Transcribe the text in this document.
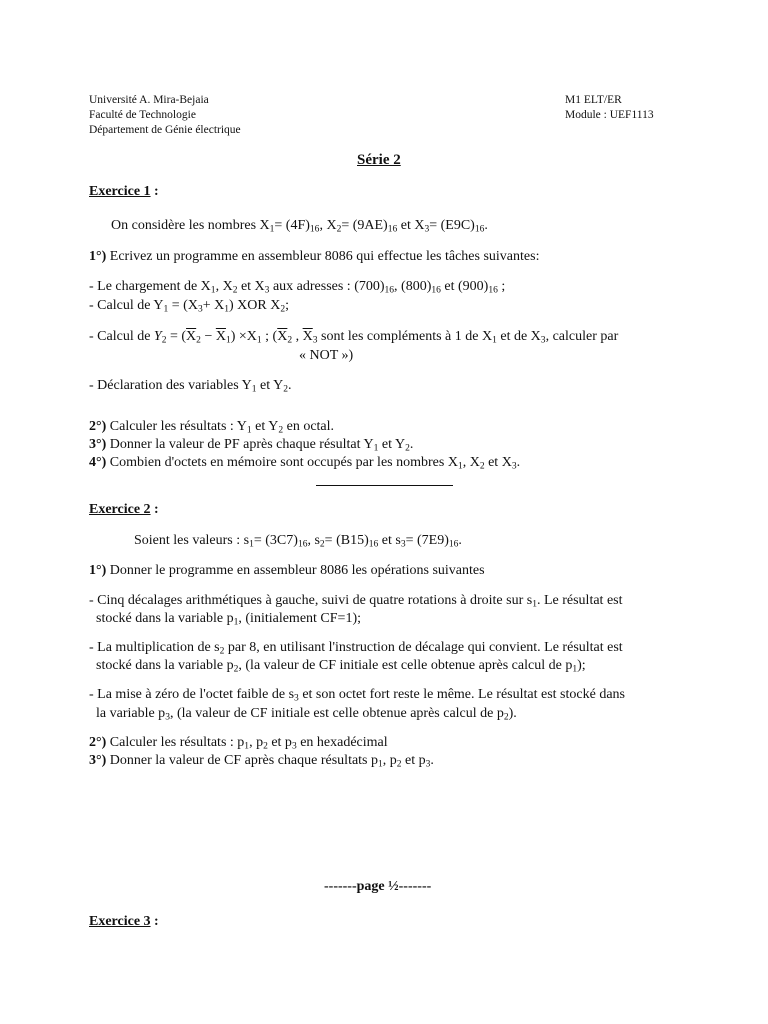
Université A. Mira-Bejaia
Faculté de Technologie
Département de Génie électrique
M1 ELT/ER
Module : UEF1113
Série 2
Exercice 1 :
On considère les nombres $X_1= (4F)_{16}$, $X_2= (9AE)_{16}$ et $X_3= (E9C)_{16}$.
1°) Ecrivez un programme en assembleur 8086 qui effectue les tâches suivantes:
- Le chargement de $X_1$, $X_2$ et $X_3$ aux adresses : $(700)_{16}$, $(800)_{16}$ et $(900)_{16}$ ;
- Calcul de $Y_1 = (X_3+ X_1)$ XOR $X_2$;
- Calcul de $Y_2 = (\overline{X}_2 - \overline{X}_1) \times X_1$ ; ($\overline{X}_2$ , $\overline{X}_3$ sont les compléments à 1 de $X_1$ et de $X_3$, calculer par
« NOT »)
- Déclaration des variables $Y_1$ et $Y_2$.
2°) Calculer les résultats : $Y_1$ et $Y_2$ en octal.
3°) Donner la valeur de PF après chaque résultat $Y_1$ et $Y_2$.
4°) Combien d'octets en mémoire sont occupés par les nombres $X_1$, $X_2$ et $X_3$.
Exercice 2 :
Soient les valeurs : $s_1= (3C7)_{16}$, $s_2= (B15)_{16}$ et $s_3= (7E9)_{16}$.
1°) Donner le programme en assembleur 8086 les opérations suivantes
- Cinq décalages arithmétiques à gauche, suivi de quatre rotations à droite sur $s_1$. Le résultat est
stocké dans la variable $p_1$, (initialement CF=1);
- La multiplication de $s_2$ par 8, en utilisant l'instruction de décalage qui convient. Le résultat est
stocké dans la variable $p_2$, (la valeur de CF initiale est celle obtenue après calcul de $p_1$);
- La mise à zéro de l'octet faible de $s_3$ et son octet fort reste le même. Le résultat est stocké dans
la variable $p_3$, (la valeur de CF initiale est celle obtenue après calcul de $p_2$).
2°) Calculer les résultats : $p_1$, $p_2$ et $p_3$ en hexadécimal
3°) Donner la valeur de CF après chaque résultats $p_1$, $p_2$ et $p_3$.
-------page ½-------
Exercice 3 :
